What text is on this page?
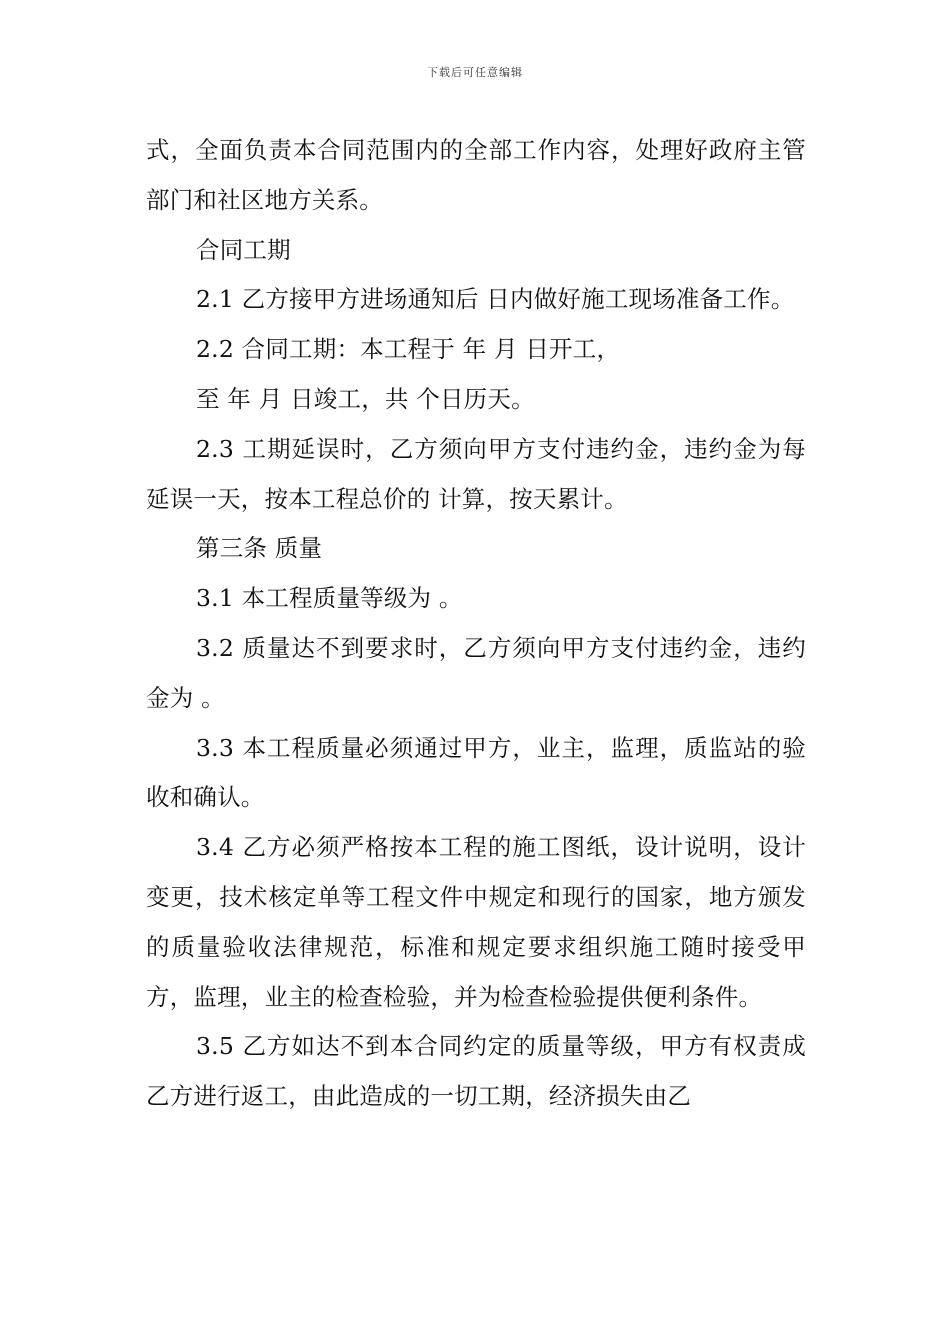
下载后可任意编辑

式，全面负责本合同范围内的全部工作内容，处理好政府主管部门和社区地方关系。

合同工期

2.1 乙方接甲方进场通知后 日内做好施工现场准备工作。

2.2 合同工期：本工程于 年 月 日开工，

至 年 月 日竣工，共 个日历天。

2.3 工期延误时，乙方须向甲方支付违约金，违约金为每延误一天，按本工程总价的 计算，按天累计。

第三条 质量

3.1 本工程质量等级为 。

3.2 质量达不到要求时，乙方须向甲方支付违约金，违约金为 。

3.3 本工程质量必须通过甲方，业主，监理，质监站的验收和确认。

3.4 乙方必须严格按本工程的施工图纸，设计说明，设计变更，技术核定单等工程文件中规定和现行的国家，地方颁发的质量验收法律规范，标准和规定要求组织施工随时接受甲方，监理，业主的检查检验，并为检查检验提供便利条件。

3.5 乙方如达不到本合同约定的质量等级，甲方有权责成乙方进行返工，由此造成的一切工期，经济损失由乙
